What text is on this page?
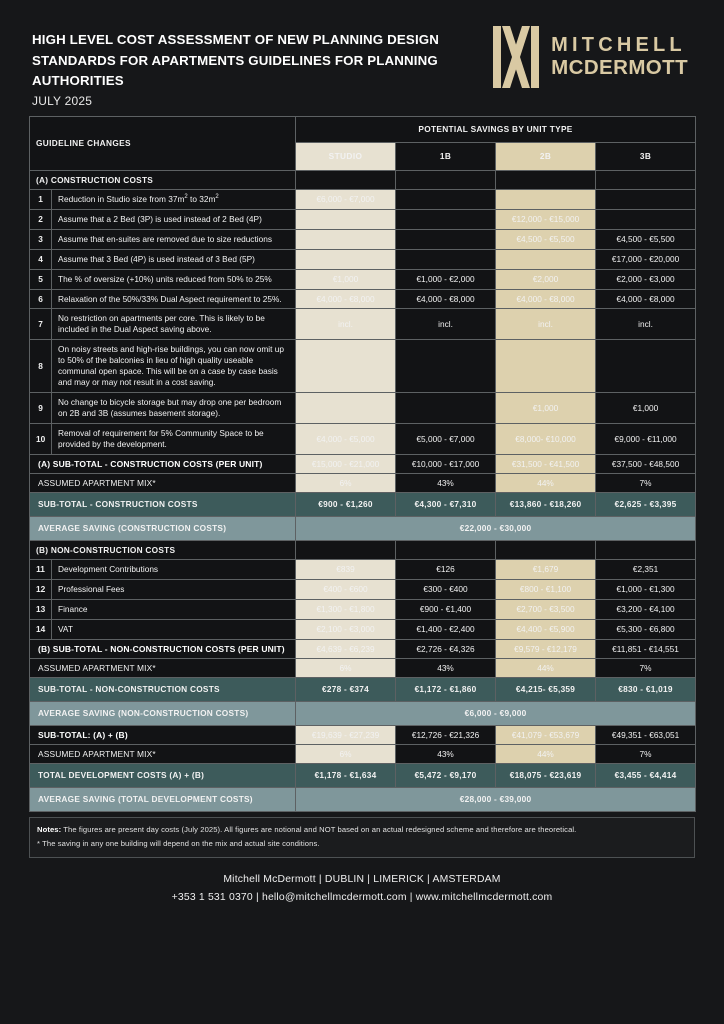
HIGH LEVEL COST ASSESSMENT OF NEW PLANNING DESIGN STANDARDS FOR APARTMENTS GUIDELINES FOR PLANNING AUTHORITIES
JULY 2025
MITCHELL
MCDERMOTT
GUIDELINE CHANGES		POTENTIAL SAVINGS BY UNIT TYPE			
		STUDIO	1B	2B	3B
(A) CONSTRUCTION COSTS					
1	Reduction in Studio size from $37m^2$ to $32m^2$	€6,000 - €7,000			
2	Assume that a 2 Bed (3P) is used instead of 2 Bed (4P)			€12,000 - €15,000	
3	Assume that en-suites are removed due to size reductions			€4,500 - €5,500	€4,500 - €5,500
4	Assume that 3 Bed (4P) is used instead of 3 Bed (5P)				€17,000 - €20,000
5	The % of oversize (+10%) units reduced from 50% to 25%	€1,000	€1,000 - €2,000	€2,000	€2,000 - €3,000
6	Relaxation of the 50%/33% Dual Aspect requirement to 25%.	€4,000 - €8,000	€4,000 - €8,000	€4,000 - €8,000	€4,000 - €8,000
7	No restriction on apartments per core. This is likely to be included in the Dual Aspect saving above.	incl.	incl.	incl.	incl.
8	On noisy streets and high-rise buildings, you can now omit up to 50% of the balconies in lieu of high quality useable communal open space. This will be on a case by case basis and may or may not result in a cost saving.				
9	No change to bicycle storage but may drop one per bedroom on 2B and 3B (assumes basement storage).			€1,000	€1,000
10	Removal of requirement for 5% Community Space to be provided by the development.	€4,000 - €5,000	€5,000 - €7,000	€8,000- €10,000	€9,000 - €11,000
(A) SUB-TOTAL - CONSTRUCTION COSTS (PER UNIT)		€15,000 - €21,000	€10,000 - €17,000	€31,500 - €41,500	€37,500 - €48,500
ASSUMED APARTMENT MIX*		6%	43%	44%	7%
SUB-TOTAL - CONSTRUCTION COSTS		€900 - €1,260	€4,300 - €7,310	€13,860 - €18,260	€2,625 - €3,395
AVERAGE SAVING (CONSTRUCTION COSTS)		€22,000 - €30,000			
(B) NON-CONSTRUCTION COSTS					
11	Development Contributions	€839	€126	€1,679	€2,351
12	Professional Fees	€400 - €600	€300 - €400	€800 - €1,100	€1,000 - €1,300
13	Finance	€1,300 - €1,800	€900 - €1,400	€2,700 - €3,500	€3,200 - €4,100
14	VAT	€2,100 - €3,000	€1,400 - €2,400	€4,400 - €5,900	€5,300 - €6,800
(B) SUB-TOTAL - NON-CONSTRUCTION COSTS (PER UNIT)		€4,639 - €6,239	€2,726 - €4,326	€9,579 - €12,179	€11,851 - €14,551
ASSUMED APARTMENT MIX*		6%	43%	44%	7%
SUB-TOTAL - NON-CONSTRUCTION COSTS		€278 - €374	€1,172 - €1,860	€4,215- €5,359	€830 - €1,019
AVERAGE SAVING (NON-CONSTRUCTION COSTS)		€6,000 - €9,000			
SUB-TOTAL: (A) + (B)		€19,639 - €27,239	€12,726 - €21,326	€41,079 - €53,679	€49,351 - €63,051
ASSUMED APARTMENT MIX*		6%	43%	44%	7%
TOTAL DEVELOPMENT COSTS (A) + (B)		€1,178 - €1,634	€5,472 - €9,170	€18,075 - €23,619	€3,455 - €4,414
AVERAGE SAVING (TOTAL DEVELOPMENT COSTS)		€28,000 - €39,000			

Notes: The figures are present day costs (July 2025). All figures are notional and NOT based on an actual redesigned scheme and therefore are theoretical.

* The saving in any one building will depend on the mix and actual site conditions.

Mitchell McDermott | DUBLIN | LIMERICK | AMSTERDAM
+353 1 531 0370 | hello@mitchellmcdermott.com | www.mitchellmcdermott.com
